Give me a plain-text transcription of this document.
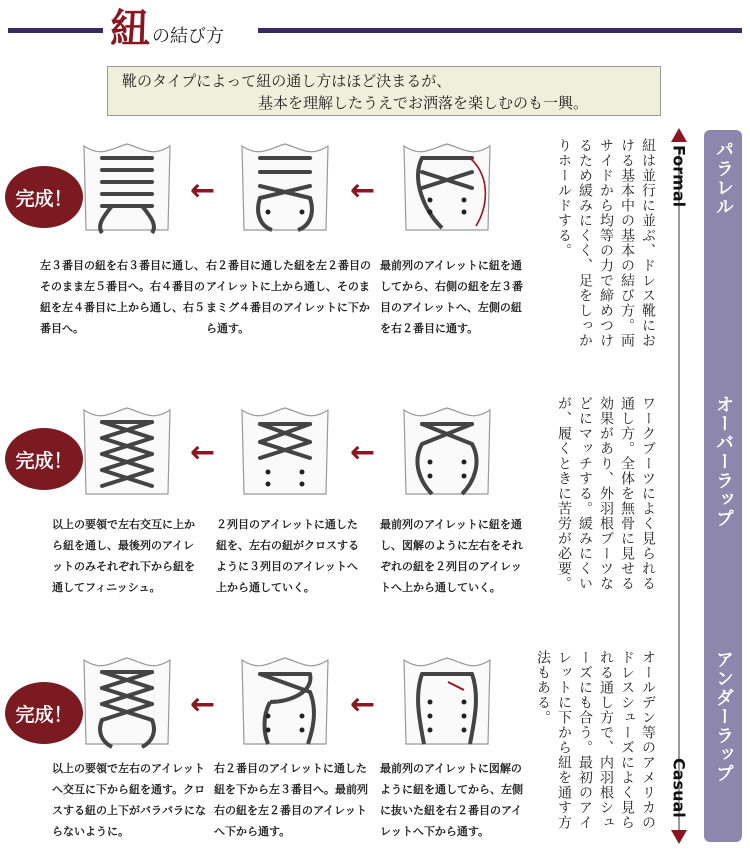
紐 の結び方
靴のタイプによって紐の通し方はほど決まるが、
基本を理解したうえでお洒落を楽しむのも一興。
パラレル
オーバーラップ
アンダーラップ
Formal
Casual
紐は並行に並ぶ、ドレス靴における基本中の基本の結び方。両サイドから均等の力で締めつけるため緩みにくく、足をしっかりホールドする。
ワークブーツによく見られる通し方。全体を無骨に見せる効果があり、外羽根ブーツなどにマッチする。緩みにくいが、履くときに苦労が必要。
オールデン等のアメリカのドレスシューズによく見られる通し方で、内羽根シューズにも合う。最初のアイレットに下から紐を通す方法もある。
←
←
完成！
最前列のアイレットに紐を通してから、右側の紐を左３番目のアイレットへ、左側の紐を右２番目に通す。
右２番目に通した紐を左２番目のアイレットに上から通し、そのままミグ４番目のアイレットに下から通す。
左３番目の紐を右３番目に通し、そのまま左５番目へ。右４番目の紐を左４番目に上から通し、右５番目へ。
←
←
完成！
最前列のアイレットに紐を通し、図解のように左右をそれぞれの紐を２列目のアイレットへ上から通していく。
２列目のアイレットに通した紐を、左右の紐がクロスするように３列目のアイレットへ上から通していく。
以上の要領で左右交互に上から紐を通し、最後列のアイレットのみそれぞれ下から紐を通してフィニッシュ。
←
←
完成！
最前列のアイレットに図解のように紐を通してから、左側に抜いた紐を右２番目のアイレットへ下から通す。
右２番目のアイレットに通した紐を下から左３番目へ。最前列右の紐を左２番目のアイレットへ下から通す。
以上の要領で左右のアイレットへ交互に下から紐を通す。クロスする紐の上下がバラバラにならないように。
